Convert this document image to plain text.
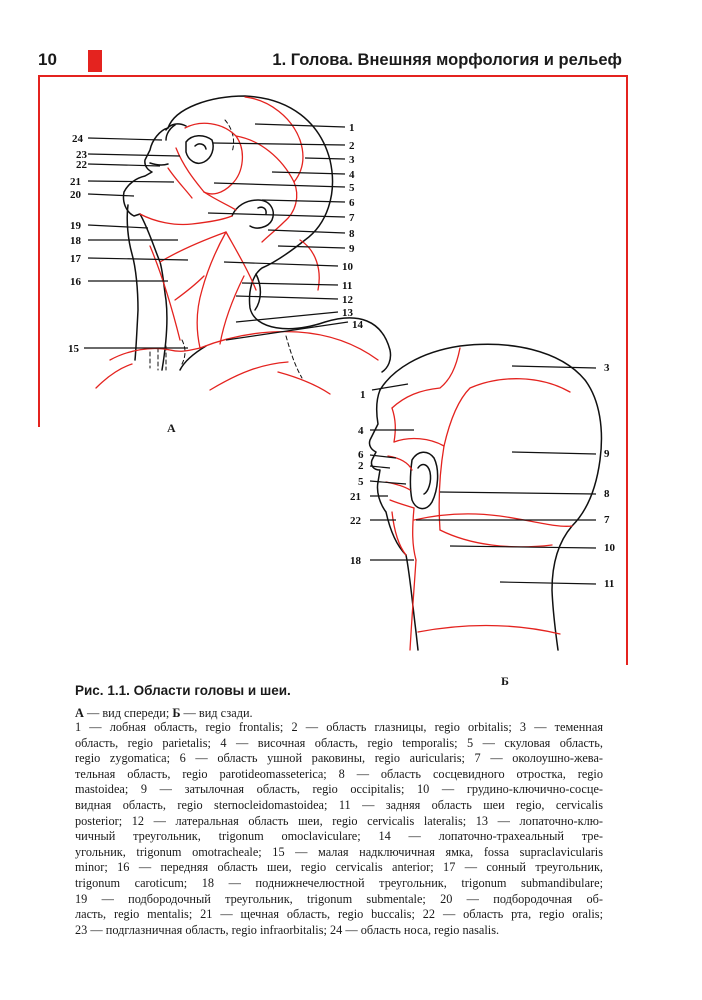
10	1. Голова. Внешняя морфология и рельеф
1
2
3
4
5
6
7
8
9
10
11
12
13
14
15
16
17
18
19
20
21
22
23
24
3
1
4
9
6
2
5
8
21
22	7
10
18
11
А
Б
Рис. 1.1. Области головы и шеи.
А — вид спереди; Б — вид сзади.
1 — лобная область, regio frontalis; 2 — область глазницы, regio orbitalis; 3 — теменная
область, regio parietalis; 4 — височная область, regio temporalis; 5 — скуловая область,
regio zygomatica; 6 — область ушной раковины, regio auricularis; 7 — околоушно-жева-
тельная область, regio parotideomasseterica; 8 — область сосцевидного отростка, regio
mastoidea; 9 — затылочная область, regio occipitalis; 10 — грудино-ключично-сосце-
видная область, regio sternocleidomastoidea; 11 — задняя область шеи regio, cervicalis
posterior; 12 — латеральная область шеи, regio cervicalis lateralis; 13 — лопаточно-клю-
чичный треугольник, trigonum omoclaviculare; 14 — лопаточно-трахеальный тре-
угольник, trigonum omotracheale; 15 — малая надключичная ямка, fossa supraclavicularis
minor; 16 — передняя область шеи, regio cervicalis anterior; 17 — сонный треугольник,
trigonum caroticum; 18 — поднижнечелюстной треугольник, trigonum submandibulare;
19 — подбородочный треугольник, trigonum submentale; 20 — подбородочная об-
ласть, regio mentalis; 21 — щечная область, regio buccalis; 22 — область рта, regio oralis;
23 — подглазничная область, regio infraorbitalis; 24 — область носа, regio nasalis.
